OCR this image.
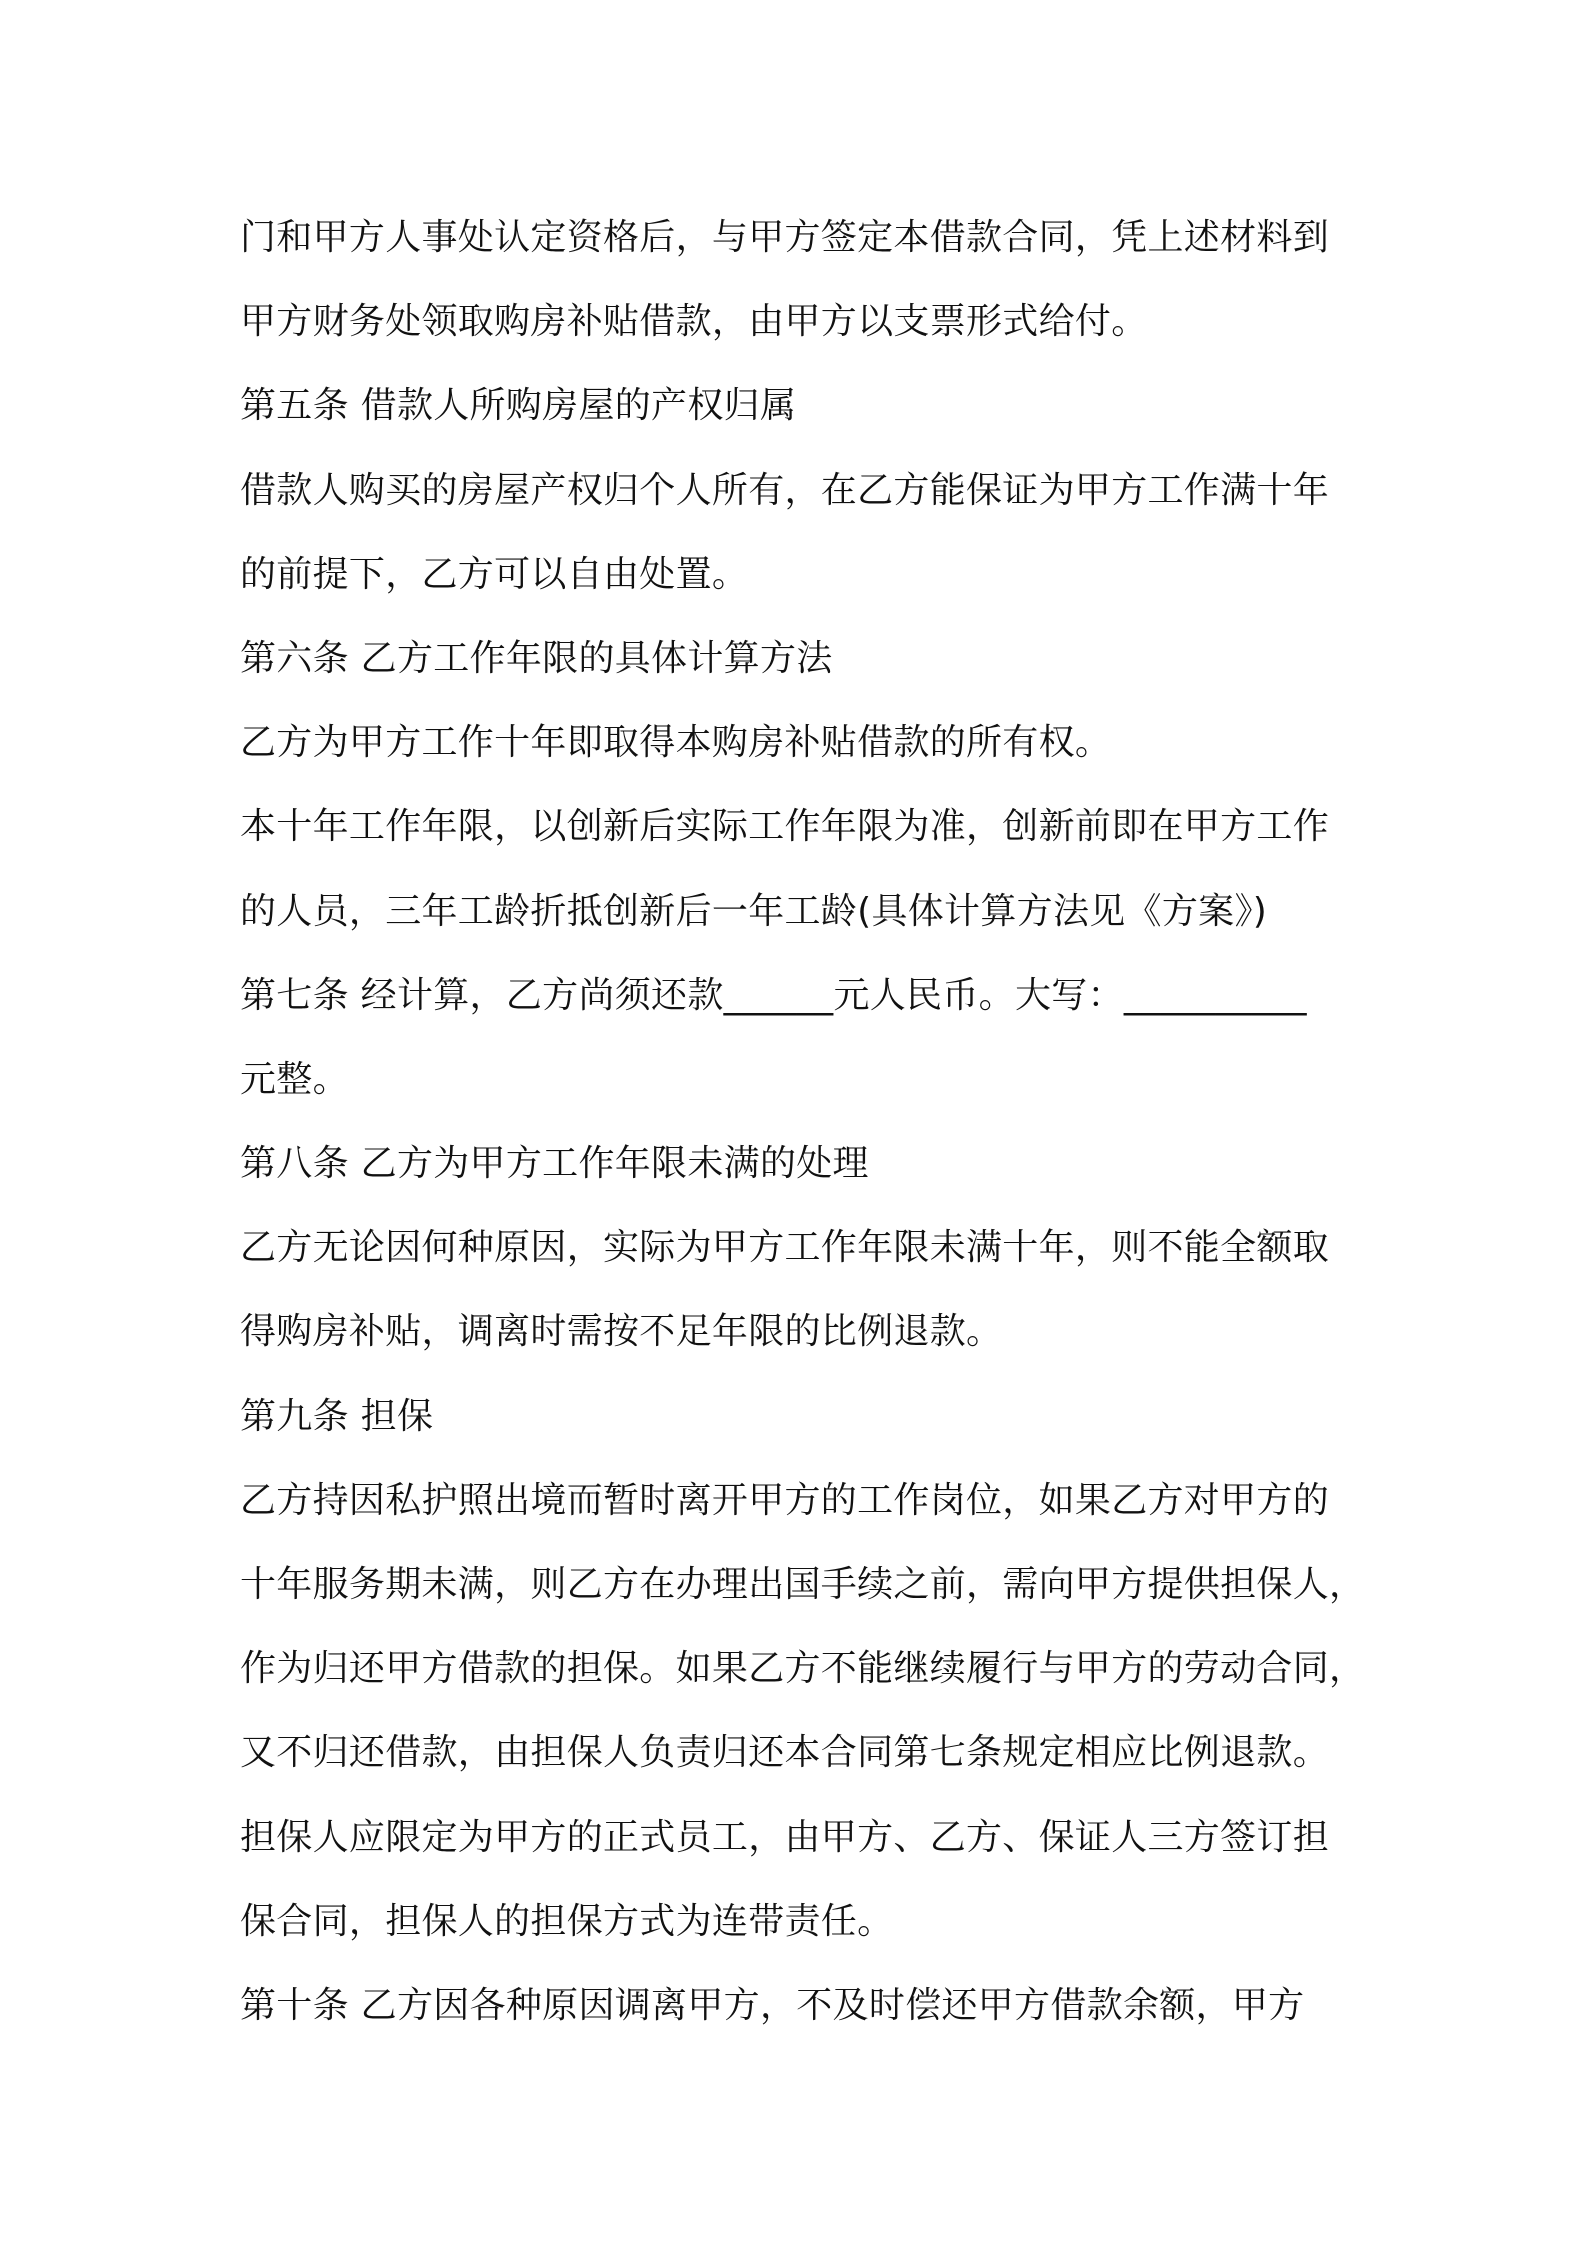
门和甲方人事处认定资格后，与甲方签定本借款合同，凭上述材料到
甲方财务处领取购房补贴借款，由甲方以支票形式给付。
第五条 借款人所购房屋的产权归属
借款人购买的房屋产权归个人所有，在乙方能保证为甲方工作满十年
的前提下，乙方可以自由处置。
第六条 乙方工作年限的具体计算方法
乙方为甲方工作十年即取得本购房补贴借款的所有权。
本十年工作年限，以创新后实际工作年限为准，创新前即在甲方工作
的人员，三年工龄折抵创新后一年工龄(具体计算方法见《方案》)
第七条 经计算，乙方尚须还款______元人民币。大写：__________
元整。
第八条 乙方为甲方工作年限未满的处理
乙方无论因何种原因，实际为甲方工作年限未满十年，则不能全额取
得购房补贴，调离时需按不足年限的比例退款。
第九条 担保
乙方持因私护照出境而暂时离开甲方的工作岗位，如果乙方对甲方的
十年服务期未满，则乙方在办理出国手续之前，需向甲方提供担保人，
作为归还甲方借款的担保。如果乙方不能继续履行与甲方的劳动合同，
又不归还借款，由担保人负责归还本合同第七条规定相应比例退款。
担保人应限定为甲方的正式员工，由甲方、乙方、保证人三方签订担
保合同，担保人的担保方式为连带责任。
第十条 乙方因各种原因调离甲方，不及时偿还甲方借款余额，甲方
